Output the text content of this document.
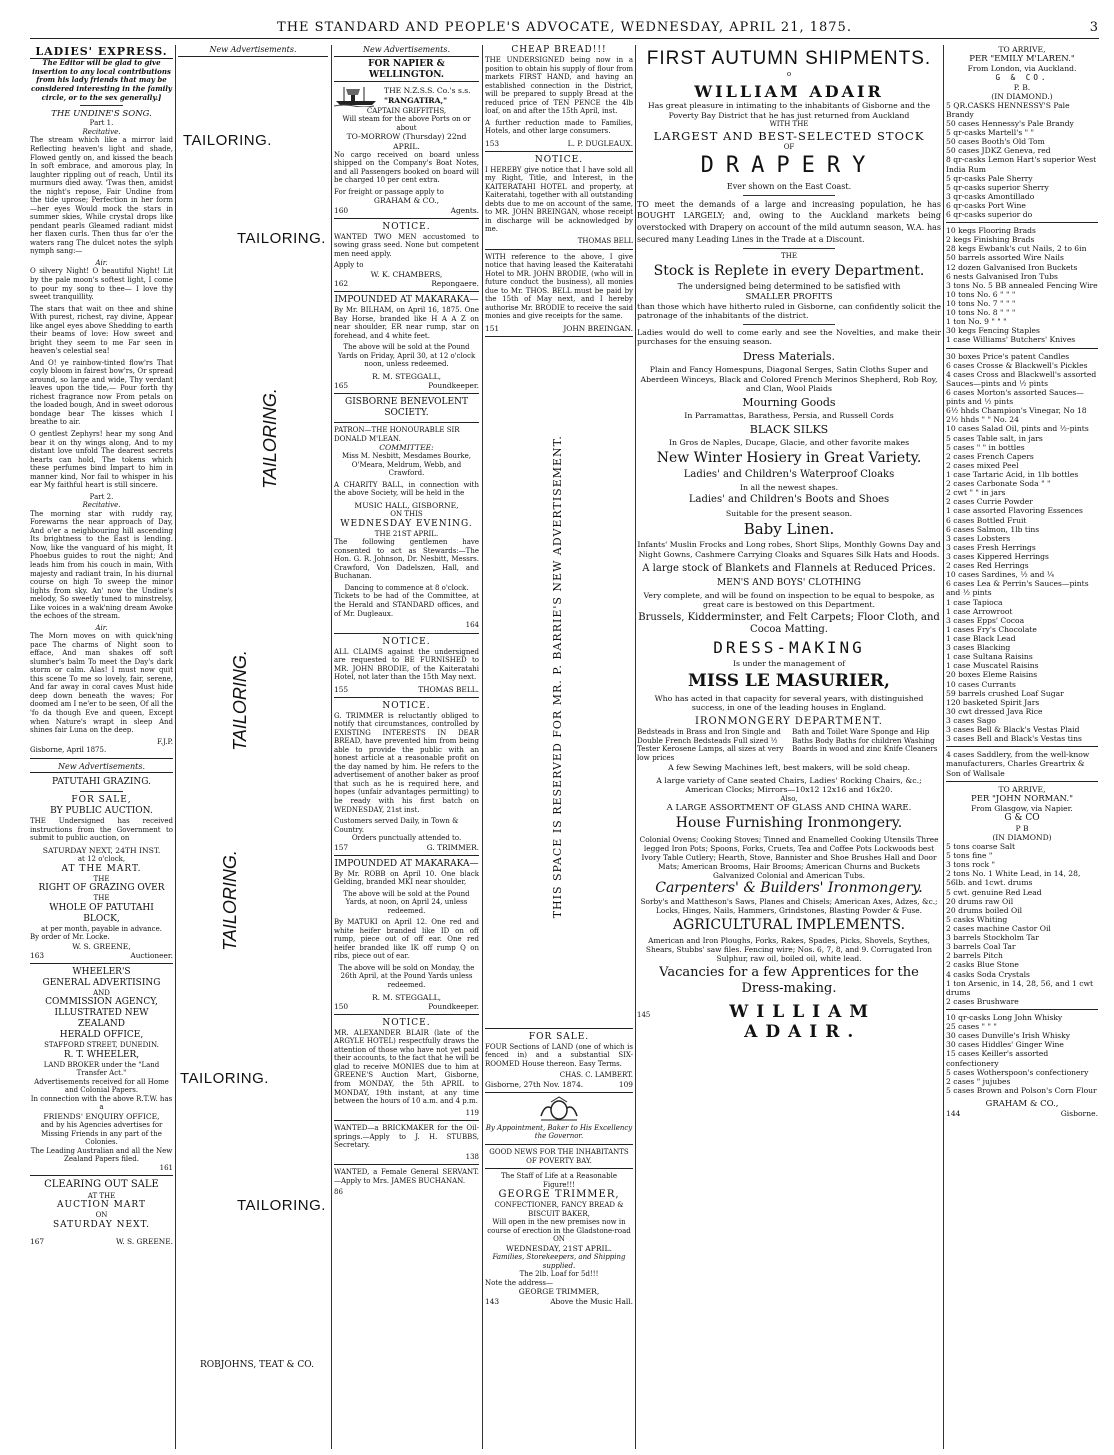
THE STANDARD AND PEOPLE'S ADVOCATE, WEDNESDAY, APRIL 21, 1875.	3
LADIES' EXPRESS.
The Editor will be glad to give insertion to any local contributions from his lady friends that may be considered interesting in the family circle, or to the sex generally.]
THE UNDINE'S SONG.
Part 1.
Recitative.

The stream which like a mirror laid Reflecting heaven's light and shade, Flowed gently on, and kissed the beach In soft embrace, and amorous play, In laughter rippling out of reach, Until its murmurs died away. 'Twas then, amidst the night's repose, Fair Undine from the tide uprose; Perfection in her form—her eyes Would mock the stars in summer skies, While crystal drops like pendant pearls Gleamed radiant midst her flaxen curls. Then thus far o'er the waters rang The dulcet notes the sylph nymph sang:—

Air.

O silvery Night! O beautiful Night! Lit by the pale moon's softest light, I come to pour my song to thee— I love thy sweet tranquillity.

The stars that wait on thee and shine With purest, richest, ray divine, Appear like angel eyes above Shedding to earth their beams of love: How sweet and bright they seem to me Far seen in heaven's celestial sea!

And O! ye rainbow-tinted flow'rs That coyly bloom in fairest bow'rs, Or spread around, so large and wide, Thy verdant leaves upon the tide,— Pour forth thy richest fragrance now From petals on the loaded bough, And in sweet odorous bondage bear The kisses which I breathe to air.

O gentlest Zephyrs! hear my song And bear it on thy wings along, And to my distant love unfold The dearest secrets hearts can hold, The tokens which these perfumes bind Impart to him in manner kind, Nor fail to whisper in his ear My faithful heart is still sincere.

Part 2.
Recitative.

The morning star with ruddy ray, Forewarns the near approach of Day, And o'er a neighbouring hill ascending Its brightness to the East is lending. Now, like the vanguard of his might, It Phoebus guides to rout the night; And leads him from his couch in main, With majesty and radiant train, In his diurnal course on high To sweep the minor lights from sky. An' now the Undine's melody, So sweetly tuned to minstrelsy, Like voices in a wak'ning dream Awoke the echoes of the stream.

Air.

The Morn moves on with quick'ning pace The charms of Night soon to efface, And man shakes off soft slumber's balm To meet the Day's dark storm or calm. Alas! I must now quit this scene To me so lovely, fair, serene, And far away in coral caves Must hide deep down beneath the waves; For doomed am I ne'er to be seen, Of all the 'fo da though Eve and queen, Except when Nature's wrapt in sleep And shines fair Luna on the deep.

F.J.P.
Gisborne, April 1875.
New Advertisements.
PATUTAHI GRAZING.
FOR SALE,
BY PUBLIC AUCTION.

THE Undersigned has received instructions from the Government to submit to public auction, on

SATURDAY NEXT, 24TH INST.
at 12 o'clock,
AT THE MART.
THE
RIGHT OF GRAZING OVER
THE
WHOLE OF PATUTAHI BLOCK,
at per month, payable in advance.
By order of Mr. Locke.
W. S. GREENE,
163	Auctioneer.
WHEELER'S
GENERAL ADVERTISING
AND
COMMISSION AGENCY,
ILLUSTRATED NEW ZEALAND
HERALD OFFICE,
STAFFORD STREET, DUNEDIN.
R. T. WHEELER,
LAND BROKER under the "Land Transfer Act."
Advertisements received for all Home and Colonial Papers.
In connection with the above R.T.W. has a
FRIENDS' ENQUIRY OFFICE,
and by his Agencies advertises for Missing Friends in any part of the Colonies.
The Leading Australian and all the New Zealand Papers filed.
161
CLEARING OUT SALE
AT THE
AUCTION MART
ON
SATURDAY NEXT.
167	W. S. GREENE.
New Advertisements.
TAILORING.
TAILORING.
TAILORING.
TAILORING.
TAILORING.
TAILORING.
TAILORING.
ROBJOHNS, TEAT & CO.
New Advertisements.
FOR NAPIER & WELLINGTON.
THE N.Z.S.S. Co.'s s.s.
"RANGATIRA,"
CAPTAIN GRIFFITHS,
Will steam for the above Ports on or about
TO-MORROW (Thursday) 22nd APRIL.

No cargo received on board unless shipped on the Company's Boat Notes, and all Passengers booked on board will be charged 10 per cent extra.

For freight or passage apply to
GRAHAM & CO.,
160	Agents.
NOTICE.

WANTED TWO MEN accustomed to sowing grass seed. None but competent men need apply.

Apply to
W. K. CHAMBERS,
162	Repongaere.
IMPOUNDED AT MAKARAKA—

By Mr. BILHAM, on April 16, 1875. One Bay Horse, branded like H A A Z on near shoulder, ER near rump, star on forehead, and 4 white feet.

The above will be sold at the Pound Yards on Friday, April 30, at 12 o'clock noon, unless redeemed.

R. M. STEGGALL,
165	Poundkeeper.
GISBORNE BENEVOLENT SOCIETY.
PATRON—THE HONOURABLE SIR DONALD M'LEAN.
COMMITTEE:

Miss M. Nesbitt, Mesdames Bourke, O'Meara, Meldrum, Webb, and Crawford.

A CHARITY BALL, in connection with the above Society, will be held in the

MUSIC HALL, GISBORNE,
ON THIS
WEDNESDAY EVENING.
THE 21ST APRIL.

The following gentlemen have consented to act as Stewards:—The Hon. G. R. Johnson, Dr. Nesbitt, Messrs. Crawford, Von Dadelszen, Hall, and Buchanan.

Dancing to commence at 8 o'clock.

Tickets to be had of the Committee, at the Herald and STANDARD offices, and of Mr. Dugleaux.

164
NOTICE.

ALL CLAIMS against the undersigned are requested to BE FURNISHED to MR. JOHN BRODIE, of the Kaiteratahi Hotel, not later than the 15th May next.

155	THOMAS BELL.
NOTICE.

G. TRIMMER is reluctantly obliged to notify that circumstances, controlled by EXISTING INTERESTS IN DEAR BREAD, have prevented him from being able to provide the public with an honest article at a reasonable profit on the day named by him. He refers to the advertisement of another baker as proof that such as he is required here, and hopes (unfair advantages permitting) to be ready with his first batch on WEDNESDAY, 21st inst.

Customers served Daily, in Town & Country.
Orders punctually attended to.
157	G. TRIMMER.
IMPOUNDED AT MAKARAKA—

By Mr. ROBB on April 10. One black Gelding, branded MKI near shoulder,

The above will be sold at the Pound Yards, at noon, on April 24, unless redeemed.

By MATUKI on April 12. One red and white heifer branded like ID on off rump, piece out of off ear. One red heifer branded like IK off rump Q on ribs, piece out of ear.

The above will be sold on Monday, the 26th April, at the Pound Yards unless redeemed.

R. M. STEGGALL,
150	Poundkeeper.
NOTICE.

MR. ALEXANDER BLAIR (late of the ARGYLE HOTEL) respectfully draws the attention of those who have not yet paid their accounts, to the fact that he will be glad to receive MONIES due to him at GREENE'S Auction Mart, Gisborne, from MONDAY, the 5th APRIL to MONDAY, 19th instant, at any time between the hours of 10 a.m. and 4 p.m.

119

WANTED—a BRICKMAKER for the Oil-springs.—Apply to J. H. STUBBS, Secretary.

138

WANTED, a Female General SERVANT. —Apply to Mrs. JAMES BUCHANAN.

86
CHEAP BREAD!!!

THE UNDERSIGNED being now in a position to obtain his supply of flour from markets FIRST HAND, and having an established connection in the District, will be prepared to supply Bread at the reduced price of TEN PENCE the 4lb loaf, on and after the 15th April, inst.

A further reduction made to Families, Hotels, and other large consumers.

153	L. P. DUGLEAUX.
NOTICE.

I HEREBY give notice that I have sold all my Right, Title, and Interest, in the KAITERATAHI HOTEL and property, at Kaiteratahi, together with all outstanding debts due to me on account of the same, to MR. JOHN BREINGAN, whose receipt in discharge will be acknowledged by me.

THOMAS BELL

WITH reference to the above, I give notice that having leased the Kaiteratahi Hotel to MR. JOHN BRODIE, (who will in future conduct the business), all monies due to Mr. THOS. BELL must be paid by the 15th of May next, and I hereby authorise Mr. BRODIE to receive the said monies and give receipts for the same.

151	JOHN BREINGAN.
THIS SPACE IS RESERVED FOR MR. P. BARRIE'S NEW ADVERTISEMENT.
FOR SALE.

FOUR Sections of LAND (one of which is fenced in) and a substantial SIX-ROOMED House thereon. Easy Terms.

CHAS. C. LAMBERT.
Gisborne, 27th Nov. 1874.	109
By Appointment, Baker to His Excellency the Governor.
GOOD NEWS FOR THE INHABITANTS OF POVERTY BAY.
The Staff of Life at a Reasonable Figure!!!
GEORGE TRIMMER,
CONFECTIONER, FANCY BREAD & BISCUIT BAKER,
Will open in the new premises now in course of erection in the Gladstone-road
ON
WEDNESDAY, 21ST APRIL.
Families, Storekeepers, and Shipping supplied.
The 2lb. Loaf for 5d!!!
Note the address—
GEORGE TRIMMER,
143	Above the Music Hall.
FIRST AUTUMN SHIPMENTS.
o
WILLIAM ADAIR
Has great pleasure in intimating to the inhabitants of Gisborne and the Poverty Bay District that he has just returned from Auckland
WITH THE
LARGEST AND BEST-SELECTED STOCK
OF
DRAPERY
Ever shown on the East Coast.

TO meet the demands of a large and increasing population, he has BOUGHT LARGELY; and, owing to the Auckland markets being overstocked with Drapery on account of the mild autumn season, W.A. has secured many Leading Lines in the Trade at a Discount.

THE
Stock is Replete in every Department.
The undersigned being determined to be satisfied with
SMALLER PROFITS

than those which have hitherto ruled in Gisborne, can confidently solicit the patronage of the inhabitants of the district.

Ladies would do well to come early and see the Novelties, and make their purchases for the ensuing season.

Dress Materials.
Plain and Fancy Homespuns, Diagonal Serges, Satin Cloths Super and Aberdeen Winceys, Black and Colored French Merinos Shepherd, Rob Roy, and Clan, Wool Plaids
Mourning Goods
In Parramattas, Barathess, Persia, and Russell Cords
BLACK SILKS
In Gros de Naples, Ducape, Glacie, and other favorite makes
New Winter Hosiery in Great Variety.
Ladies' and Children's Waterproof Cloaks
In all the newest shapes.
Ladies' and Children's Boots and Shoes
Suitable for the present season.
Baby Linen.
Infants' Muslin Frocks and Long robes, Short Slips, Monthly Gowns Day and Night Gowns, Cashmere Carrying Cloaks and Squares Silk Hats and Hoods.
A large stock of Blankets and Flannels at Reduced Prices.
MEN'S AND BOYS' CLOTHING
Very complete, and will be found on inspection to be equal to bespoke, as great care is bestowed on this Department.
Brussels, Kidderminster, and Felt Carpets; Floor Cloth, and Cocoa Matting.
DRESS-MAKING
Is under the management of
MISS LE MASURIER,
Who has acted in that capacity for several years, with distinguished success, in one of the leading houses in England.
IRONMONGERY DEPARTMENT.
Bedsteads in Brass and Iron Single and Double French Bedsteads Full sized ½ Tester Kerosene Lamps, all sizes at very low prices
Bath and Toilet Ware Sponge and Hip Baths Body Baths for children Washing Boards in wood and zinc Knife Cleaners
A few Sewing Machines left, best makers, will be sold cheap.
A large variety of Cane seated Chairs, Ladies' Rocking Chairs, &c.; American Clocks; Mirrors—10x12 12x16 and 16x20.
Also,
A LARGE ASSORTMENT OF GLASS AND CHINA WARE.
House Furnishing Ironmongery.
Colonial Ovens; Cooking Stoves; Tinned and Enamelled Cooking Utensils Three legged Iron Pots; Spoons, Forks, Cruets, Tea and Coffee Pots Lockwoods best Ivory Table Cutlery; Hearth, Stove, Bannister and Shoe Brushes Hall and Door Mats; American Brooms, Hair Brooms; American Churns and Buckets Galvanized Colonial and American Tubs.
Carpenters' & Builders' Ironmongery.
Sorby's and Mattheson's Saws, Planes and Chisels; American Axes, Adzes, &c.; Locks, Hinges, Nails, Hammers, Grindstones, Blasting Powder & Fuse.
AGRICULTURAL IMPLEMENTS.
American and Iron Ploughs, Forks, Rakes, Spades, Picks, Shovels, Scythes, Shears, Stubbs' saw files. Fencing wire; Nos. 6, 7, 8, and 9. Corrugated Iron Sulphur, raw oil, boiled oil, white lead.
Vacancies for a few Apprentices for the Dress-making.
145	WILLIAM ADAIR.
TO ARRIVE,
PER "EMILY M'LAREN."
From London, via Auckland.
G & CO.
P. B.
(IN DIAMOND.)
5 QR.CASKS HENNESSY'S Pale Brandy
50 cases Hennessy's Pale Brandy
5 qr-casks Martell's " "
50 cases Booth's Old Tom
50 cases JDKZ Geneva, red
8 qr-casks Lemon Hart's superior West India Rum
5 qr-casks Pale Sherry
5 qr-casks superior Sherry
3 qr-casks Amontillado
6 qr-casks Port Wine
6 qr-casks superior do
10 kegs Flooring Brads
2 kegs Finishing Brads
28 kegs Ewbank's cut Nails, 2 to 6in
50 barrels assorted Wire Nails
12 dozen Galvanised Iron Buckets
6 nests Galvanised Iron Tubs
3 tons No. 5 BB annealed Fencing Wire
10 tons No. 6 " " "
10 tons No. 7 " " "
10 tons No. 8 " " "
1 ton No. 9 " " "
30 kegs Fencing Staples
1 case Williams' Butchers' Knives
30 boxes Price's patent Candles
6 cases Crosse & Blackwell's Pickles
4 cases Cross and Blackwell's assorted Sauces—pints and ½ pints
6 cases Morton's assorted Sauces—pints and ½ pints
6½ hhds Champion's Vinegar, No 18
2½ hhds " " No. 24
10 cases Salad Oil, pints and ½-pints
5 cases Table salt, in jars
5 cases " " in bottles
2 cases French Capers
2 cases mixed Peel
1 case Tartaric Acid, in 1lb bottles
2 cases Carbonate Soda " "
2 cwt " " in jars
2 cases Currie Powder
1 case assorted Flavoring Essences
6 cases Bottled Fruit
6 cases Salmon, 1lb tins
3 cases Lobsters
3 cases Fresh Herrings
3 cases Kippered Herrings
2 cases Red Herrings
10 cases Sardines, ½ and ¼
6 cases Lea & Perrin's Sauces—pints and ½ pints
1 case Tapioca
1 case Arrowroot
3 cases Epps' Cocoa
1 cases Fry's Chocolate
1 case Black Lead
3 cases Blacking
1 case Sultana Raisins
1 case Muscatel Raisins
20 boxes Eleme Raisins
10 cases Currants
59 barrels crushed Loaf Sugar
120 basketed Spirit Jars
30 cwt dressed Java Rice
3 cases Sago
3 cases Bell & Black's Vestas Plaid
3 cases Bell and Black's Vestas tins
4 cases Saddlery, from the well-know manufacturers, Charles Greartrix & Son of Wallsale
TO ARRIVE,
PER "JOHN NORMAN."
From Glasgow, via Napier.
G & CO
P B
(IN DIAMOND)
5 tons coarse Salt
5 tons fine "
3 tons rock "
2 tons No. 1 White Lead, in 14, 28, 56lb. and 1cwt. drums
5 cwt. genuine Red Lead
20 drums raw Oil
20 drums boiled Oil
5 casks Whiting
2 cases machine Castor Oil
3 barrels Stockholm Tar
3 barrels Coal Tar
2 barrels Pitch
2 casks Blue Stone
4 casks Soda Crystals
1 ton Arsenic, in 14, 28, 56, and 1 cwt drums
2 cases Brushware
10 qr-casks Long John Whisky
25 cases " " "
30 cases Dunville's Irish Whisky
30 cases Hiddles' Ginger Wine
15 cases Keiller's assorted confectionery
5 cases Wotherspoon's confectionery
2 cases " jujubes
5 cases Brown and Polson's Corn Flour
GRAHAM & CO.,
144	Gisborne.
